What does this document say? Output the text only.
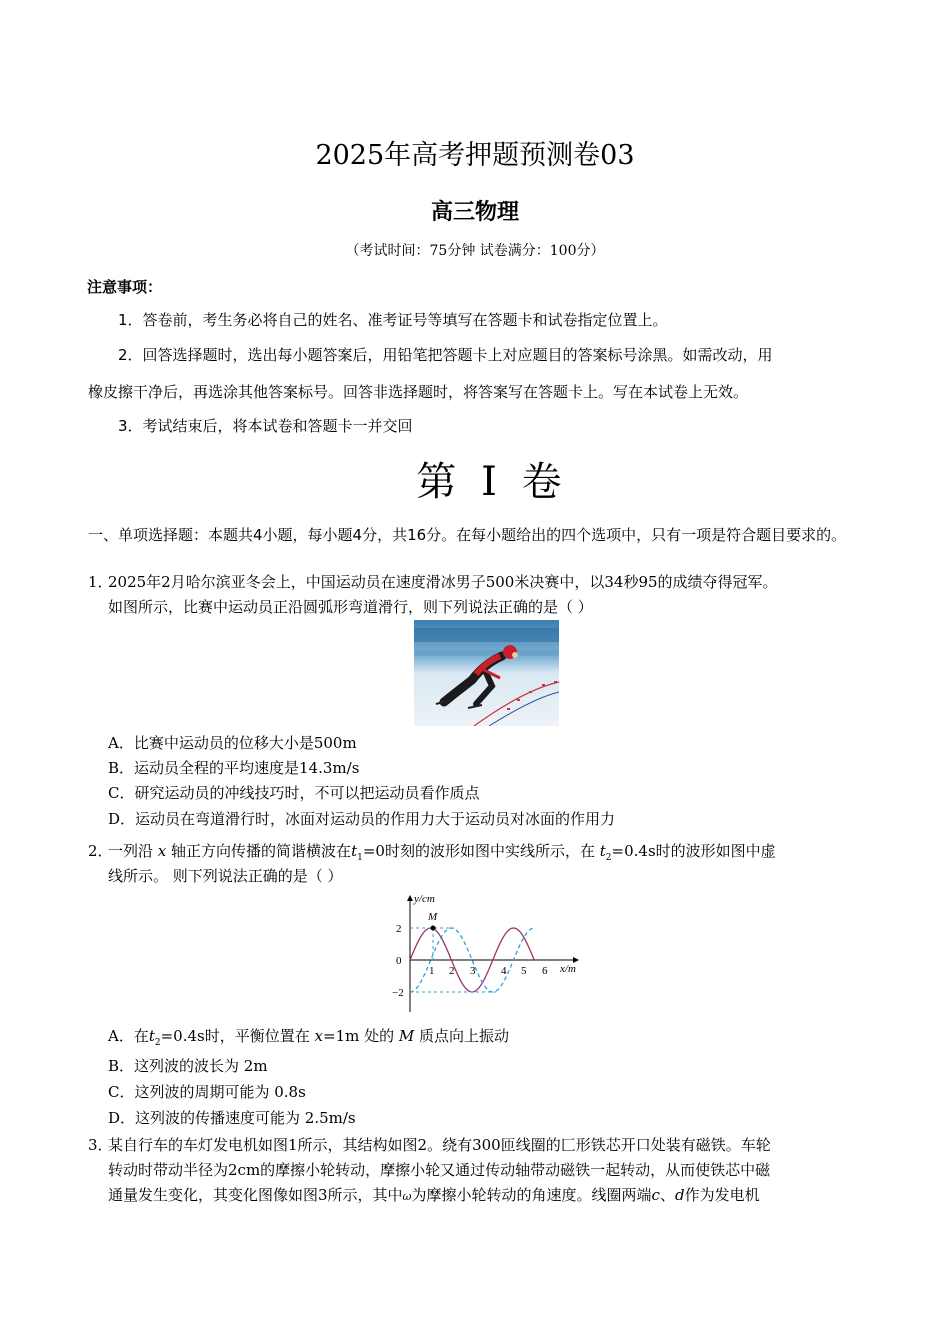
2025年高考押题预测卷03
高三物理
（考试时间：75分钟 试卷满分：100分）
注意事项：
1．答卷前，考生务必将自己的姓名、准考证号等填写在答题卡和试卷指定位置上。
2．回答选择题时，选出每小题答案后，用铅笔把答题卡上对应题目的答案标号涂黑。如需改动，用
橡皮擦干净后，再选涂其他答案标号。回答非选择题时，将答案写在答题卡上。写在本试卷上无效。
3．考试结束后，将本试卷和答题卡一并交回
第 I 卷
一、单项选择题：本题共4小题，每小题4分，共16分。在每小题给出的四个选项中，只有一项是符合题目要求的。
1．
2025年2月哈尔滨亚冬会上，中国运动员在速度滑冰男子500米决赛中，以34秒95的成绩夺得冠军。
如图所示，比赛中运动员正沿圆弧形弯道滑行，则下列说法正确的是（ ）
A．比赛中运动员的位移大小是500m
B．运动员全程的平均速度是14.3m/s
C．研究运动员的冲线技巧时，不可以把运动员看作质点
D．运动员在弯道滑行时，冰面对运动员的作用力大于运动员对冰面的作用力
2．
一列沿 x 轴正方向传播的简谐横波在$t_1=0$时刻的波形如图中实线所示，在 $t_2=0.4s$时的波形如图中虚
线所示。 则下列说法正确的是（ ）
y/cm
x/m
2
0
−2
1 2 3 4 5 6
M
A．在$t_2=0.4s$时，平衡位置在 x=1m 处的 M 质点向上振动
B．这列波的波长为 2m
C．这列波的周期可能为 0.8s
D．这列波的传播速度可能为 2.5m/s
3．
某自行车的车灯发电机如图1所示，其结构如图2。绕有300匝线圈的匚形铁芯开口处装有磁铁。车轮
转动时带动半径为2cm的摩擦小轮转动，摩擦小轮又通过传动轴带动磁铁一起转动，从而使铁芯中磁
通量发生变化，其变化图像如图3所示，其中ω为摩擦小轮转动的角速度。线圈两端c、d作为发电机
